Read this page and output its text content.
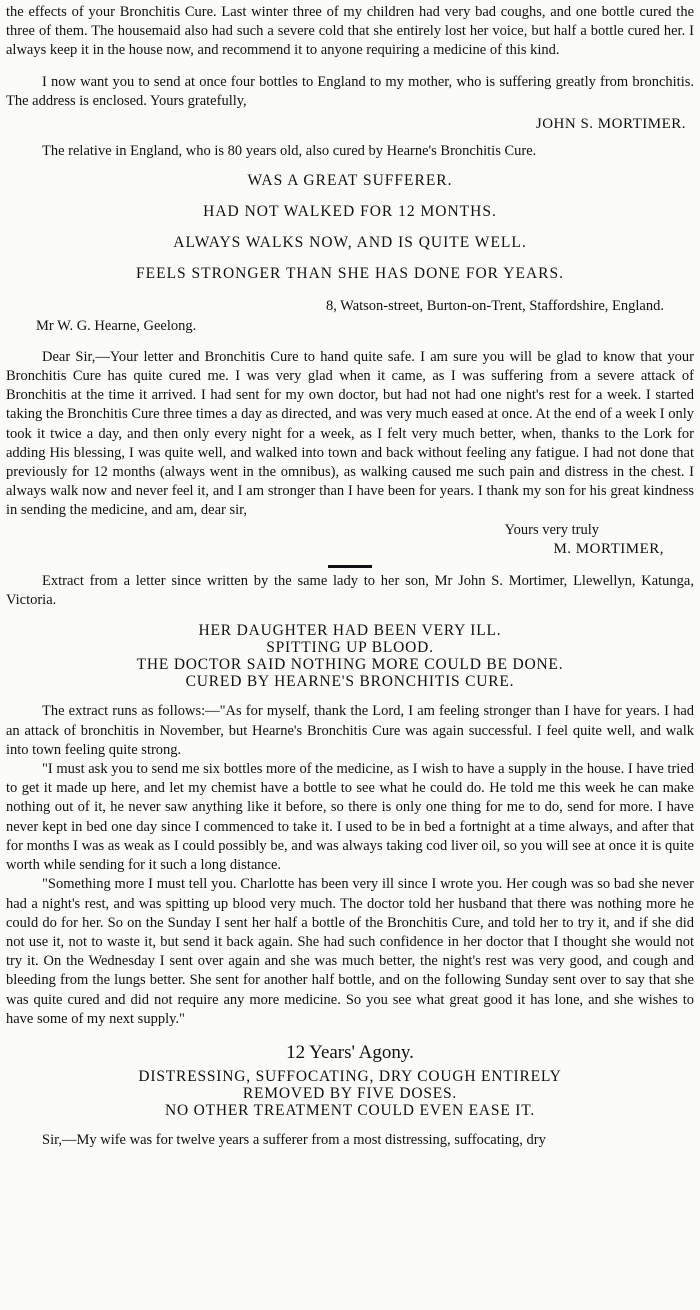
the effects of your Bronchitis Cure. Last winter three of my children had very bad coughs, and one bottle cured the three of them. The housemaid also had such a severe cold that she entirely lost her voice, but half a bottle cured her. I always keep it in the house now, and recommend it to anyone requiring a medicine of this kind.

I now want you to send at once four bottles to England to my mother, who is suffering greatly from bronchitis. The address is enclosed. Yours gratefully,

JOHN S. MORTIMER.

The relative in England, who is 80 years old, also cured by Hearne's Bronchitis Cure.

WAS A GREAT SUFFERER.

HAD NOT WALKED FOR 12 MONTHS.

ALWAYS WALKS NOW, AND IS QUITE WELL.

FEELS STRONGER THAN SHE HAS DONE FOR YEARS.

8, Watson-street, Burton-on-Trent, Staffordshire, England.

Mr W. G. Hearne, Geelong.

Dear Sir,—Your letter and Bronchitis Cure to hand quite safe. I am sure you will be glad to know that your Bronchitis Cure has quite cured me. I was very glad when it came, as I was suffering from a severe attack of Bronchitis at the time it arrived. I had sent for my own doctor, but had not had one night's rest for a week. I started taking the Bronchitis Cure three times a day as directed, and was very much eased at once. At the end of a week I only took it twice a day, and then only every night for a week, as I felt very much better, when, thanks to the Lork for adding His blessing, I was quite well, and walked into town and back without feeling any fatigue. I had not done that previously for 12 months (always went in the omnibus), as walking caused me such pain and distress in the chest. I always walk now and never feel it, and I am stronger than I have been for years. I thank my son for his great kindness in sending the medicine, and am, dear sir,

Yours very truly

M. MORTIMER,

Extract from a letter since written by the same lady to her son, Mr John S. Mortimer, Llewellyn, Katunga, Victoria.

HER DAUGHTER HAD BEEN VERY ILL.

SPITTING UP BLOOD.

THE DOCTOR SAID NOTHING MORE COULD BE DONE.

CURED BY HEARNE'S BRONCHITIS CURE.

The extract runs as follows:—"As for myself, thank the Lord, I am feeling stronger than I have for years. I had an attack of bronchitis in November, but Hearne's Bronchitis Cure was again successful. I feel quite well, and walk into town feeling quite strong.

"I must ask you to send me six bottles more of the medicine, as I wish to have a supply in the house. I have tried to get it made up here, and let my chemist have a bottle to see what he could do. He told me this week he can make nothing out of it, he never saw anything like it before, so there is only one thing for me to do, send for more. I have never kept in bed one day since I commenced to take it. I used to be in bed a fortnight at a time always, and after that for months I was as weak as I could possibly be, and was always taking cod liver oil, so you will see at once it is quite worth while sending for it such a long distance.

"Something more I must tell you. Charlotte has been very ill since I wrote you. Her cough was so bad she never had a night's rest, and was spitting up blood very much. The doctor told her husband that there was nothing more he could do for her. So on the Sunday I sent her half a bottle of the Bronchitis Cure, and told her to try it, and if she did not use it, not to waste it, but send it back again. She had such confidence in her doctor that I thought she would not try it. On the Wednesday I sent over again and she was much better, the night's rest was very good, and cough and bleeding from the lungs better. She sent for another half bottle, and on the following Sunday sent over to say that she was quite cured and did not require any more medicine. So you see what great good it has lone, and she wishes to have some of my next supply."

12 Years' Agony.

DISTRESSING, SUFFOCATING, DRY COUGH ENTIRELY

REMOVED BY FIVE DOSES.

NO OTHER TREATMENT COULD EVEN EASE IT.

Sir,—My wife was for twelve years a sufferer from a most distressing, suffocating, dry
